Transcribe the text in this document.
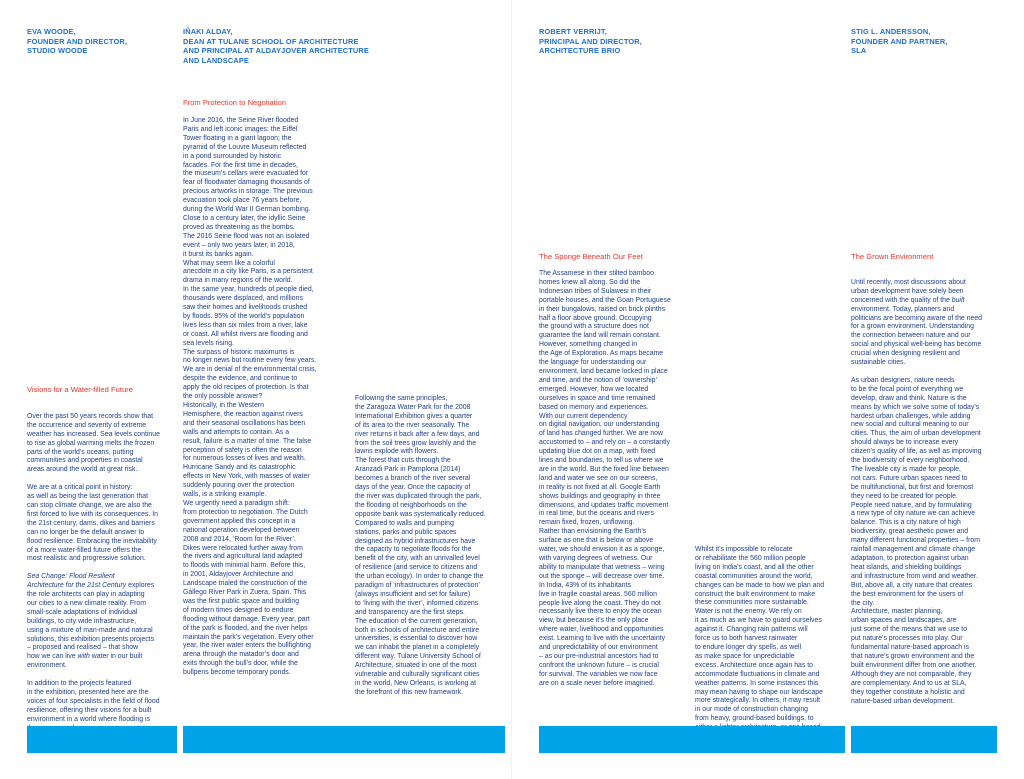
EVA WOODE,
FOUNDER AND DIRECTOR,
STUDIO WOODE
IÑAKI ALDAY,
DEAN AT TULANE SCHOOL OF ARCHITECTURE
AND PRINCIPAL AT ALDAYJOVER ARCHITECTURE
AND LANDSCAPE
ROBERT VERRIJT,
PRINCIPAL AND DIRECTOR,
ARCHITECTURE BRIO
STIG L. ANDERSSON,
FOUNDER AND PARTNER,
SLA
Visions for a Water-filled Future

Over the past 50 years records show that
the occurrence and severity of extreme
weather has increased. Sea levels continue
to rise as global warming melts the frozen
parts of the world’s oceans, putting
communities and properties in coastal
areas around the world at great risk.

We are at a critical point in history:
as well as being the last generation that
can stop climate change, we are also the
first forced to live with its consequences. In
the 21st century, dams, dikes and barriers
can no longer be the default answer to
flood resilience. Embracing the inevitability
of a more water-filled future offers the
most realistic and progressive solution.

Sea Change: Flood Resilient
Architecture for the 21st Century explores
the role architects can play in adapting
our cities to a new climate reality. From
small-scale adaptations of individual
buildings, to city wide infrastructure,
using a mixture of man-made and natural
solutions, this exhibition presents projects
– proposed and realised – that show
how we can live with water in our built
environment.

In addition to the projects featured
in the exhibition, presented here are the
voices of four specialists in the field of flood
resilience, offering their visions for a built
environment in a world where flooding is

From Protection to Negotiation
In June 2016, the Seine River flooded
Paris and left iconic images: the Eiffel
Tower floating in a giant lagoon; the
pyramid of the Louvre Museum reflected
in a pond surrounded by historic
facades. For the first time in decades,
the museum’s cellars were evacuated for
fear of floodwater damaging thousands of
precious artworks in storage. The previous
evacuation took place 76 years before,
during the World War II German bombing.
Close to a century later, the idyllic Seine
proved as threatening as the bombs.
The 2016 Seine flood was not an isolated
event – only two years later, in 2018,
it burst its banks again.
What may seem like a colorful
anecdote in a city like Paris, is a persistent
drama in many regions of the world.
In the same year, hundreds of people died,
thousands were displaced, and millions
saw their homes and livelihoods crushed
by floods. 95% of the world’s population
lives less than six miles from a river, lake
or coast. All whilst rivers are flooding and
sea levels rising.
The surpass of historic maximums is
no longer news but routine every few years.
We are in denial of the environmental crisis,
despite the evidence, and continue to
apply the old recipes of protection. Is that
the only possible answer?
Historically, in the Western
Hemisphere, the reaction against rivers
and their seasonal oscillations has been
walls and attempts to contain. As a
result, failure is a matter of time. The false
perception of safety is often the reason
for numerous losses of lives and wealth.
Hurricane Sandy and its catastrophic
effects in New York, with masses of water
suddenly pouring over the protection
walls, is a striking example.
We urgently need a paradigm shift:
from protection to negotiation. The Dutch
government applied this concept in a
national operation developed between
2008 and 2014, ‘Room for the River’.
Dikes were relocated further away from
the rivers and agricultural land adapted
to floods with minimal harm. Before this,
in 2001, Aldayjover Architecture and
Landscape trialed the construction of the
Gállego River Park in Zuera, Spain. This
was the first public space and building
of modern times designed to endure
flooding without damage. Every year, part
of the park is flooded, and the river helps
maintain the park’s vegetation. Every other
year, the river water enters the bullfighting
arena through the matador’s door and
exits through the bull’s door, while the
bullpens become temporary ponds.
Following the same principles,
the Zaragoza Water Park for the 2008
International Exhibition gives a quarter
of its area to the river seasonally. The
river returns it back after a few days, and
from the soil trees grow lavishly and the
lawns explode with flowers.
The forest that cuts through the
Aranzadi Park in Pamplona (2014)
becomes a branch of the river several
days of the year. Once the capacity of
the river was duplicated through the park,
the flooding of neighborhoods on the
opposite bank was systematically reduced.
Compared to walls and pumping
stations, parks and public spaces
designed as hybrid infrastructures have
the capacity to negotiate floods for the
benefit of the city, with an unrivalled level
of resilience (and service to citizens and
the urban ecology). In order to change the
paradigm of ‘infrastructures of protection’
(always insufficient and set for failure)
to ‘living with the river’, informed citizens
and transparency are the first steps.
The education of the current generation,
both in schools of architecture and entire
universities, is essential to discover how
we can inhabit the planet in a completely
different way. Tulane University School of
Architecture, situated in one of the most
vulnerable and culturally significant cities
in the world, New Orleans, is working at
the forefront of this new framework.
The Sponge Beneath Our Feet
The Assamese in their stilted bamboo
homes knew all along. So did the
Indonesian tribes of Sulawesi in their
portable houses, and the Goan Portuguese
in their bungalows, raised on brick plinths
half a floor above ground. Occupying
the ground with a structure does not
guarantee the land will remain constant.
However, something changed in
the Age of Exploration. As maps became
the language for understanding our
environment, land became locked in place
and time, and the notion of ‘ownership’
emerged. However, how we located
ourselves in space and time remained
based on memory and experiences.
With our current dependency
on digital navigation, our understanding
of land has changed further. We are now
accustomed to – and rely on – a constantly
updating blue dot on a map, with fixed
lines and boundaries, to tell us where we
are in the world. But the fixed line between
land and water we see on our screens,
in reality is not fixed at all. Google Earth
shows buildings and geography in three
dimensions, and updates traffic movement
in real time, but the oceans and rivers
remain fixed, frozen, unflowing.
Rather than envisioning the Earth’s
surface as one that is below or above
water, we should envision it as a sponge,
with varying degrees of wetness. Our
ability to manipulate that wetness – wring
out the sponge – will decrease over time.
In India, 43% of its inhabitants
live in fragile coastal areas. 560 million
people live along the coast. They do not
necessarily live there to enjoy the ocean
view, but because it’s the only place
where water, livelihood and opportunities
exist. Learning to live with the uncertainty
and unpredictability of our environment
– as our pre-industrial ancestors had to
confront the unknown future – is crucial
for survival. The variables we now face
are on a scale never before imagined.
Whilst it’s impossible to relocate
or rehabilitate the 560 million people
living on India’s coast, and all the other
coastal communities around the world,
changes can be made to how we plan and
construct the built environment to make
these communities more sustainable.
Water is not the enemy. We rely on
it as much as we have to guard ourselves
against it. Changing rain patterns will
force us to both harvest rainwater
to endure longer dry spells, as well
as make space for unpredictable
excess. Architecture once again has to
accommodate fluctuations in climate and
weather patterns. In some instances this
may mean having to shape our landscape
more strategically. In others, it may result
in our mode of construction changing
from heavy, ground-based buildings, to

The Grown Environment

Until recently, most discussions about
urban development have solely been
concerned with the quality of the built
environment. Today, planners and
politicians are becoming aware of the need
for a grown environment. Understanding
the connection between nature and our
social and physical well-being has become
crucial when designing resilient and
sustainable cities.

As urban designers, nature needs
to be the focal point of everything we
develop, draw and think. Nature is the
means by which we solve some of today’s
hardest urban challenges, while adding
new social and cultural meaning to our
cities. Thus, the aim of urban development
should always be to increase every
citizen’s quality of life, as well as improving
the biodiversity of every neighborhood.
The liveable city is made for people,
not cars. Future urban spaces need to
be multifunctional, but first and foremost
they need to be created for people.
People need nature, and by formulating
a new type of city nature we can achieve
balance. This is a city nature of high
biodiversity, great aesthetic power and
many different functional properties – from
rainfall management and climate change
adaptation, to protection against urban
heat islands, and shielding buildings
and infrastructure from wind and weather.
But, above all, a city nature that creates
the best environment for the users of
the city.
Architecture, master planning,
urban spaces and landscapes, are
just some of the means that we use to
put nature’s processes into play. Our
fundamental nature-based approach is
that nature’s grown environment and the
built environment differ from one another.
Although they are not comparable, they
are complementary. And to us at SLA,
they together constitute a holistic and
nature-based urban development.
